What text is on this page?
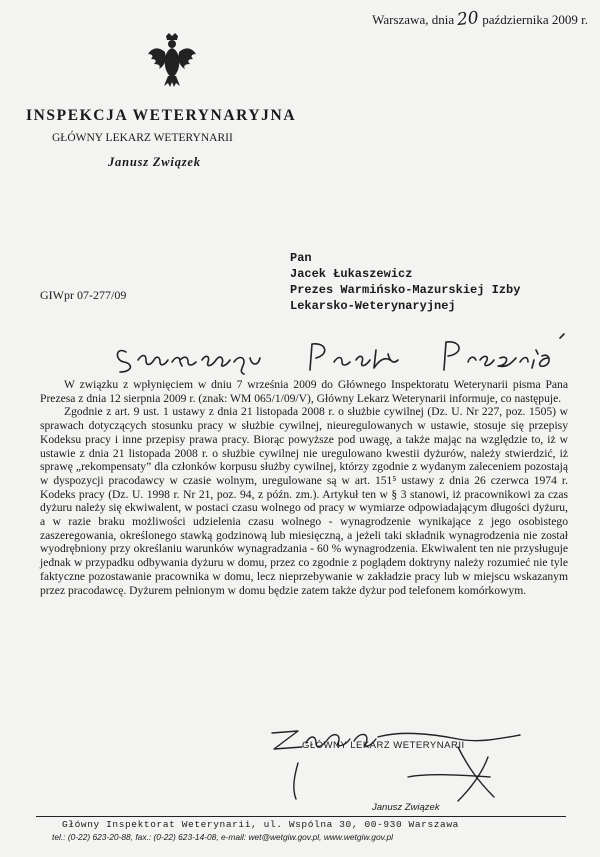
Warszawa, dnia 20 października 2009 r.
INSPEKCJA WETERYNARYJNA
GŁÓWNY LEKARZ WETERYNARII
Janusz Związek
Pan
Jacek Łukaszewicz
Prezes Warmińsko-Mazurskiej Izby
Lekarsko-Weterynaryjnej
GIWpr 07-277/09

W związku z wpłynięciem w dniu 7 września 2009 do Głównego Inspektoratu Weterynarii pisma Pana Prezesa z dnia 12 sierpnia 2009 r. (znak: WM 065/1/09/V), Główny Lekarz Weterynarii informuje, co następuje.

Zgodnie z art. 9 ust. 1 ustawy z dnia 21 listopada 2008 r. o służbie cywilnej (Dz. U. Nr 227, poz. 1505) w sprawach dotyczących stosunku pracy w służbie cywilnej, nieuregulowanych w ustawie, stosuje się przepisy Kodeksu pracy i inne przepisy prawa pracy. Biorąc powyższe pod uwagę, a także mając na względzie to, iż w ustawie z dnia 21 listopada 2008 r. o służbie cywilnej nie uregulowano kwestii dyżurów, należy stwierdzić, iż sprawę „rekompensaty” dla członków korpusu służby cywilnej, którzy zgodnie z wydanym zaleceniem pozostają w dyspozycji pracodawcy w czasie wolnym, uregulowane są w art. 151⁵ ustawy z dnia 26 czerwca 1974 r. Kodeks pracy (Dz. U. 1998 r. Nr 21, poz. 94, z późn. zm.). Artykuł ten w § 3 stanowi, iż pracownikowi za czas dyżuru należy się ekwiwalent, w postaci czasu wolnego od pracy w wymiarze odpowiadającym długości dyżuru, a w razie braku możliwości udzielenia czasu wolnego - wynagrodzenie wynikające z jego osobistego zaszeregowania, określonego stawką godzinową lub miesięczną, a jeżeli taki składnik wynagrodzenia nie został wyodrębniony przy określaniu warunków wynagradzania - 60 % wynagrodzenia. Ekwiwalent ten nie przysługuje jednak w przypadku odbywania dyżuru w domu, przez co zgodnie z poglądem doktryny należy rozumieć nie tyle faktyczne pozostawanie pracownika w domu, lecz nieprzebywanie w zakładzie pracy lub w miejscu wskazanym przez pracodawcę. Dyżurem pełnionym w domu będzie zatem także dyżur pod telefonem komórkowym.

GŁÓWNY LEKARZ WETERYNARII
Janusz Związek
Główny Inspektorat Weterynarii, ul. Wspólna 30, 00-930 Warszawa
tel.: (0-22) 623-20-88, fax.: (0-22) 623-14-08, e-mail: wet@wetgiw.gov.pl, www.wetgiw.gov.pl
